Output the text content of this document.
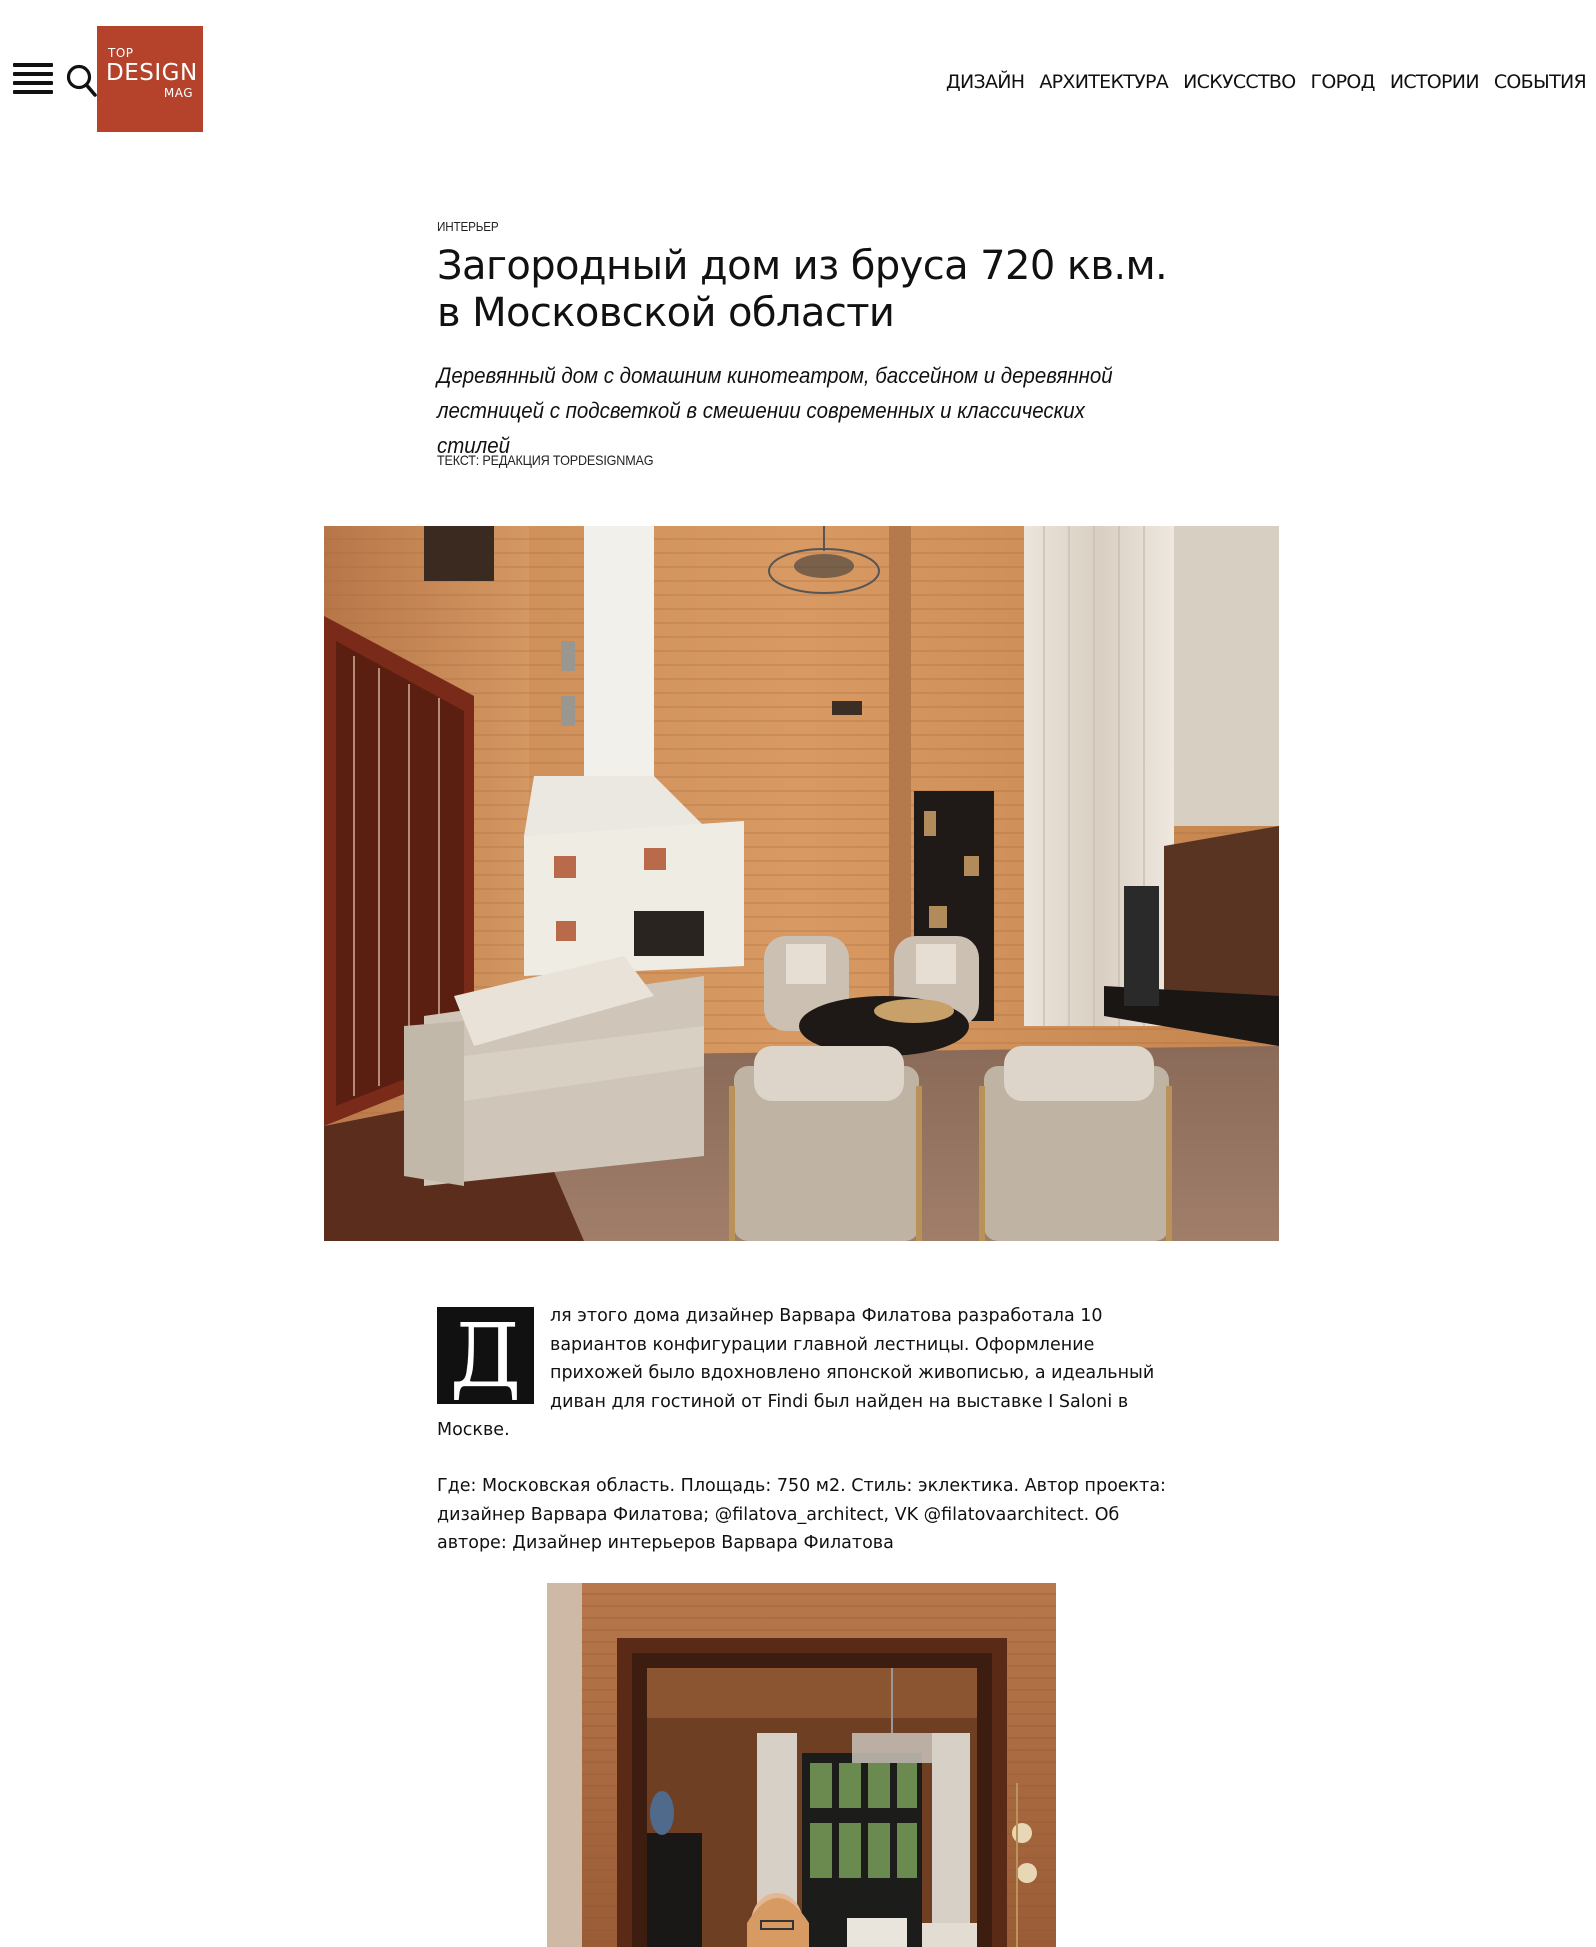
TOP
DESIGN
MAG	ДИЗАЙН АРХИТЕКТУРА ИСКУССТВО ГОРОД ИСТОРИИ СОБЫТИЯ
ИНТЕРЬЕР
Загородный дом из бруса 720 кв.м. в Московской области

Деревянный дом с домашним кинотеатром, бассейном и деревянной лестницей с подсветкой в смешении современных и классических стилей

ТЕКСТ: РЕДАКЦИЯ TOPDESIGNMAG

Д	ля этого дома дизайнер Варвара Филатова разработала 10 вариантов конфигурации главной лестницы. Оформление прихожей было вдохновлено японской живописью, а идеальный диван для гостиной от Findi был найден на выставке I Saloni в Москве.

Где: Московская область. Площадь: 750 м2. Стиль: эклектика. Автор проекта: дизайнер Варвара Филатова; @filatova_architect, VK @filatovaarchitect. Об авторе: Дизайнер интерьеров Варвара Филатова
